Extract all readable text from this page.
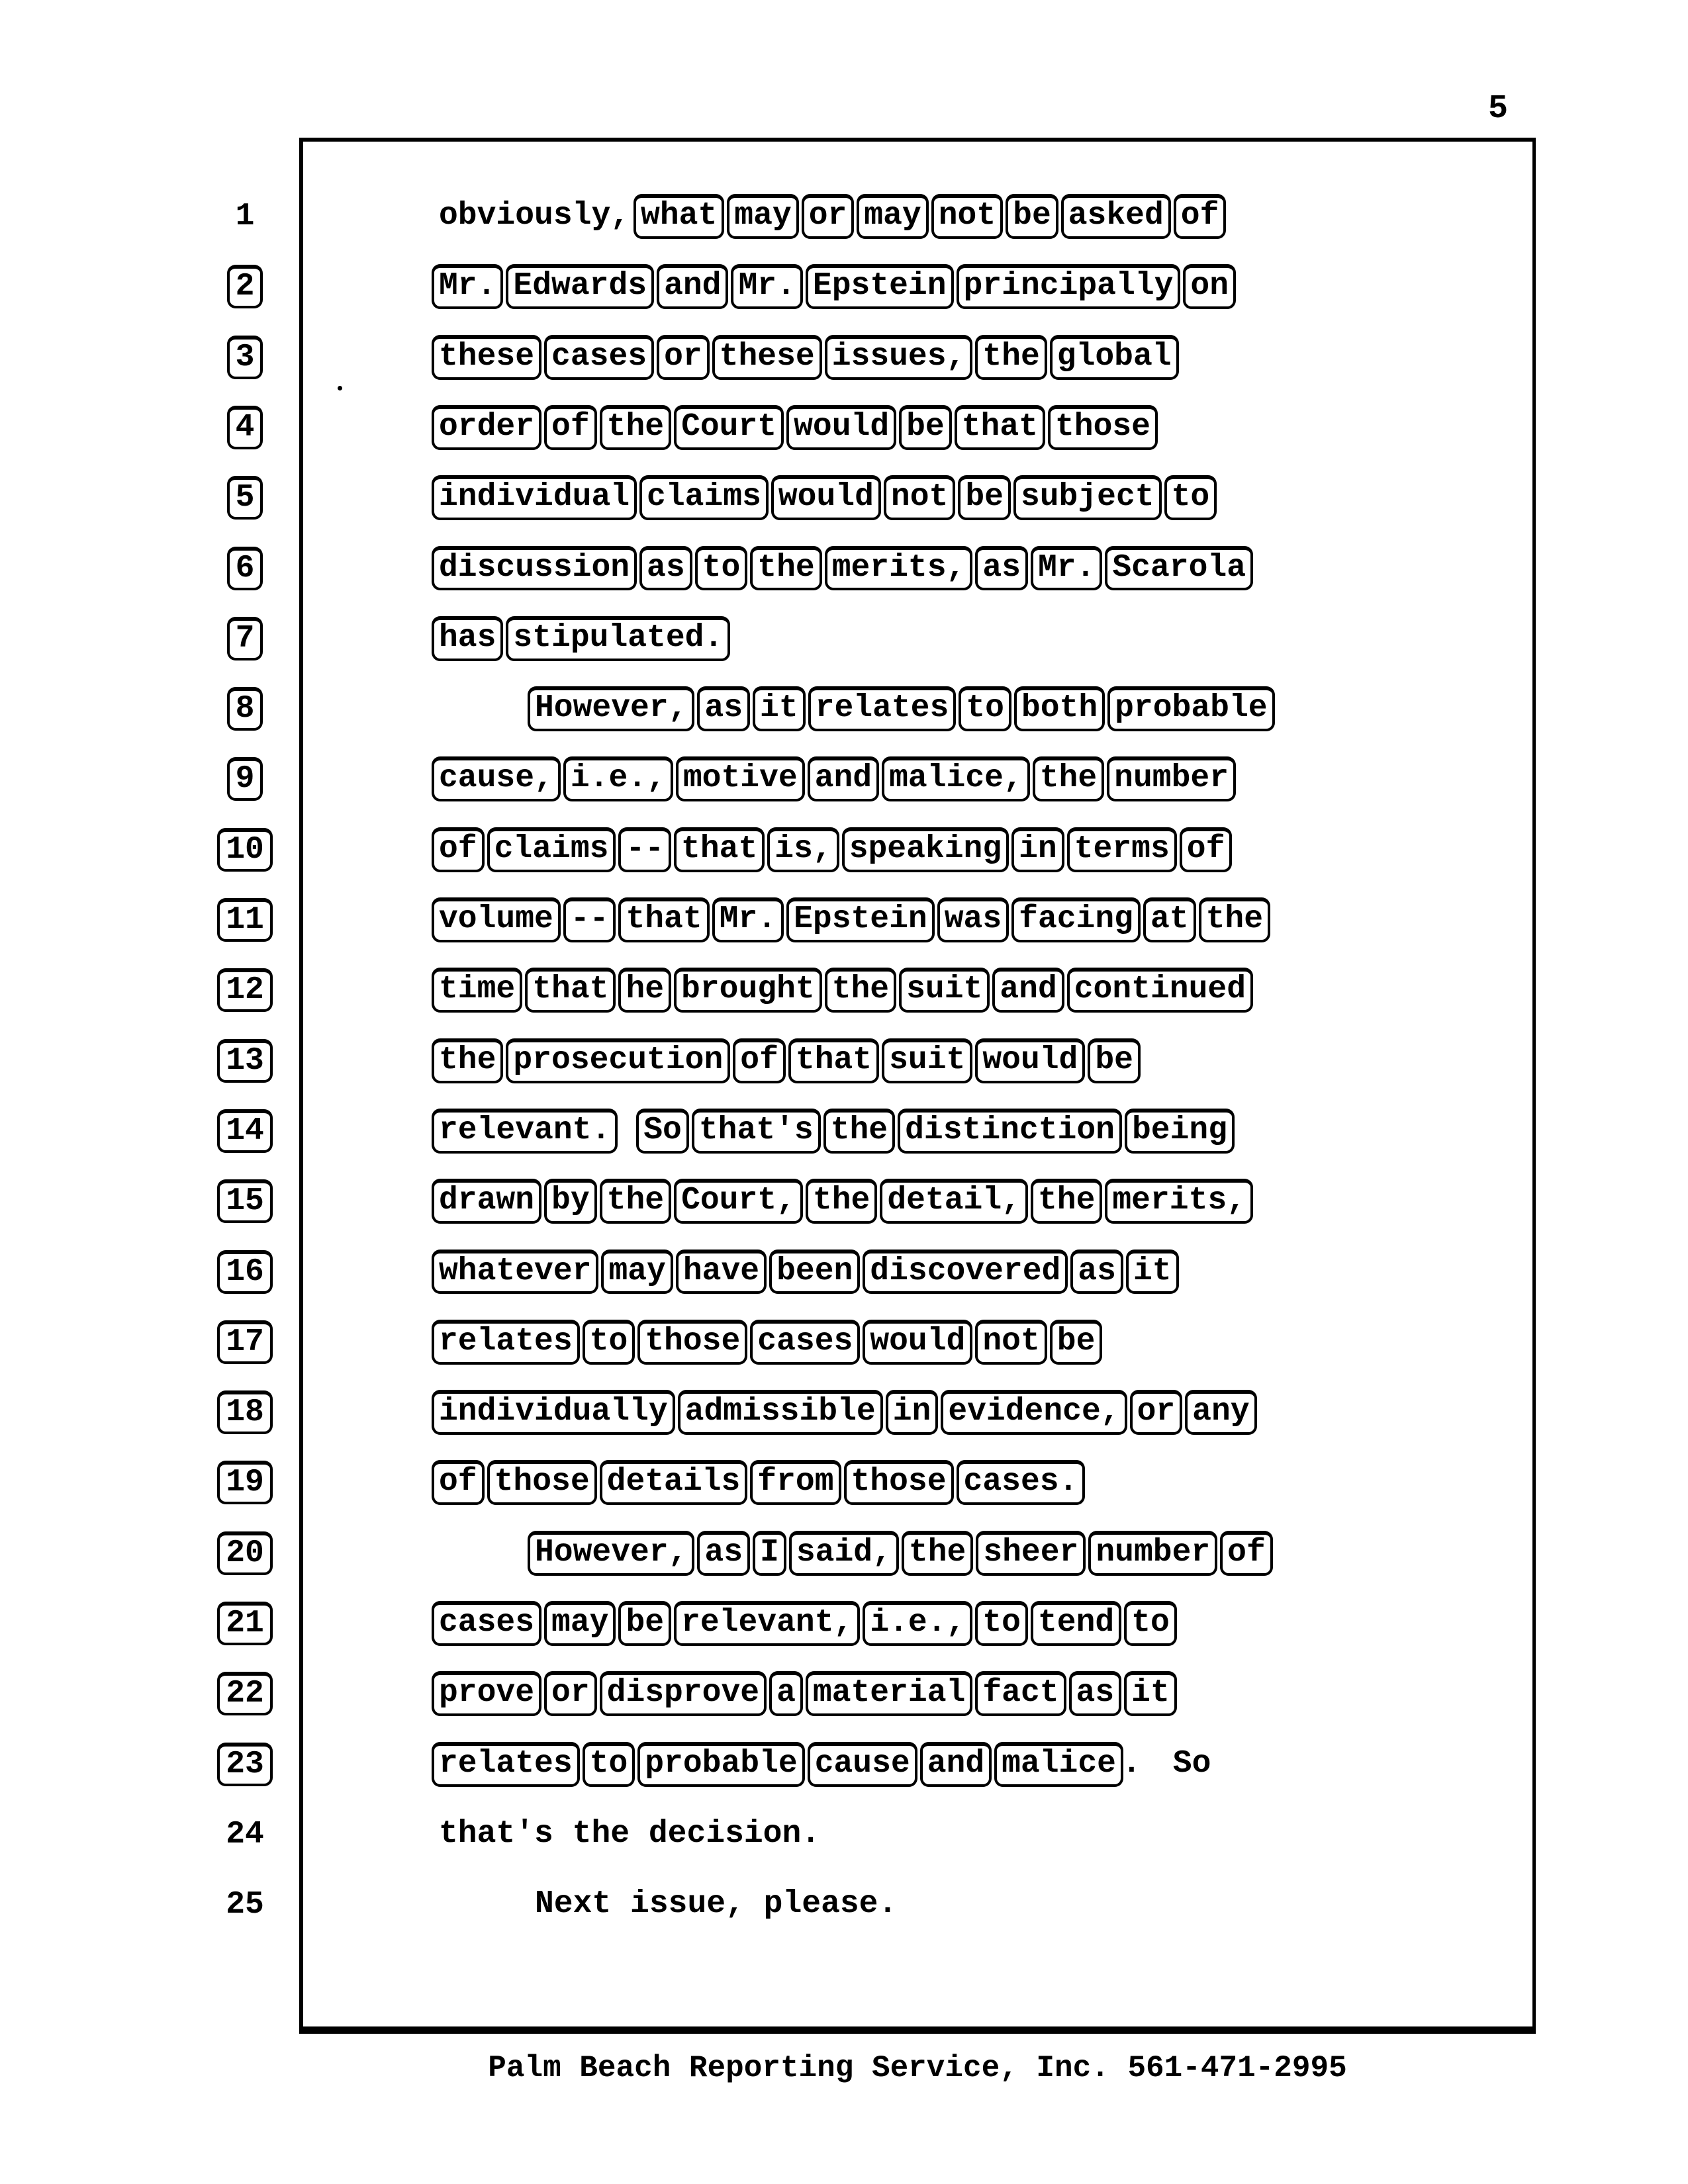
5
1	obviously, what may or may not be asked of
2	Mr. Edwards and Mr. Epstein principally on
3	these cases or these issues, the global
4	order of the Court would be that those
5	individual claims would not be subject to
6	discussion as to the merits, as Mr. Scarola
7	has stipulated.
8	However, as it relates to both probable
9	cause, i.e., motive and malice, the number
10	of claims -- that is, speaking in terms of
11	volume -- that Mr. Epstein was facing at the
12	time that he brought the suit and continued
13	the prosecution of that suit would be
14	relevant. So that's the distinction being
15	drawn by the Court, the detail, the merits,
16	whatever may have been discovered as it
17	relates to those cases would not be
18	individually admissible in evidence, or any
19	of those details from those cases.
20	However, as I said, the sheer number of
21	cases may be relevant, i.e., to tend to
22	prove or disprove a material fact as it
23	relates to probable cause and malice . So
24	that's the decision.
25	Next issue, please.
Palm Beach Reporting Service, Inc. 561-471-2995
